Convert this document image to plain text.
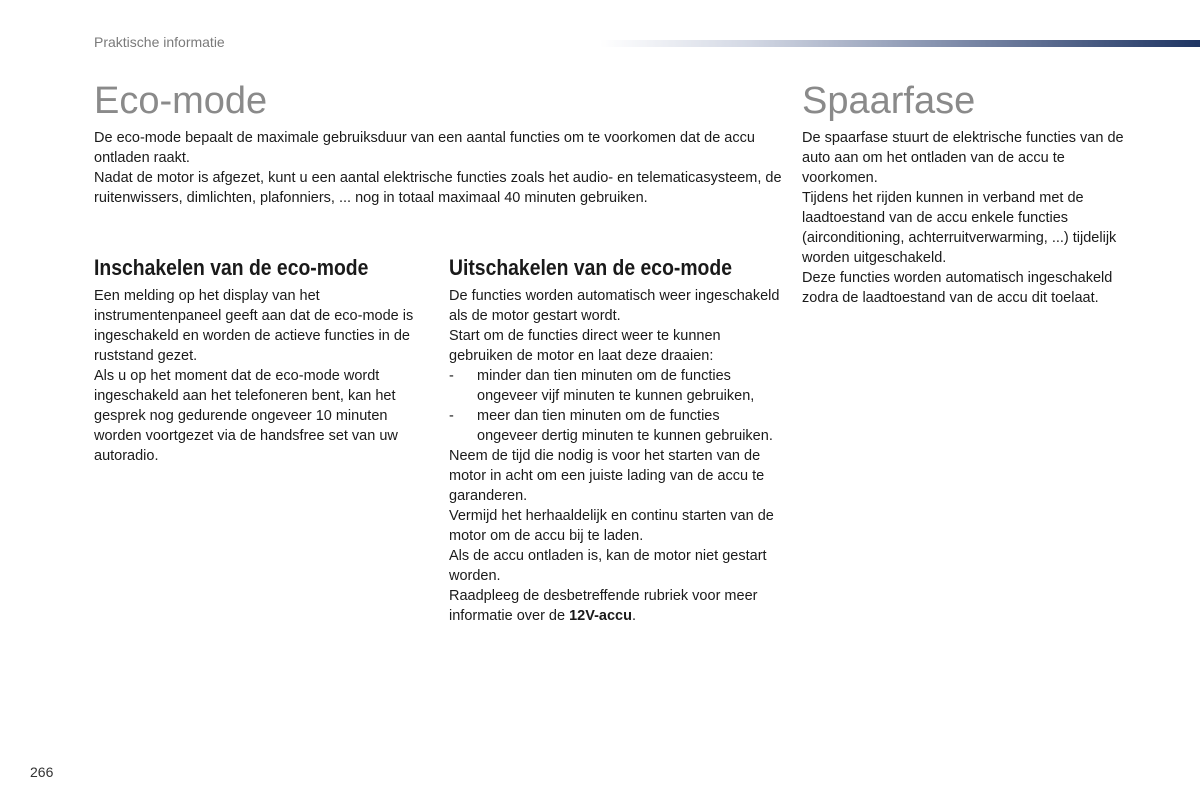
Praktische informatie
Eco-mode

De eco-mode bepaalt de maximale gebruiksduur van een aantal functies om te voorkomen dat de accu ontladen raakt.

Nadat de motor is afgezet, kunt u een aantal elektrische functies zoals het audio- en telematicasysteem, de ruitenwissers, dimlichten, plafonniers, ... nog in totaal maximaal 40 minuten gebruiken.

Inschakelen van de eco-mode

Een melding op het display van het instrumentenpaneel geeft aan dat de eco-mode is ingeschakeld en worden de actieve functies in de ruststand gezet.

Als u op het moment dat de eco-mode wordt ingeschakeld aan het telefoneren bent, kan het gesprek nog gedurende ongeveer 10 minuten worden voortgezet via de handsfree set van uw autoradio.

Uitschakelen van de eco-mode

De functies worden automatisch weer ingeschakeld als de motor gestart wordt.

Start om de functies direct weer te kunnen gebruiken de motor en laat deze draaien:

-	minder dan tien minuten om de functies ongeveer vijf minuten te kunnen gebruiken,
-	meer dan tien minuten om de functies ongeveer dertig minuten te kunnen gebruiken.

Neem de tijd die nodig is voor het starten van de motor in acht om een juiste lading van de accu te garanderen.

Vermijd het herhaaldelijk en continu starten van de motor om de accu bij te laden.

Als de accu ontladen is, kan de motor niet gestart worden.

Raadpleeg de desbetreffende rubriek voor meer informatie over de 12V-accu.

Spaarfase

De spaarfase stuurt de elektrische functies van de auto aan om het ontladen van de accu te voorkomen.

Tijdens het rijden kunnen in verband met de laadtoestand van de accu enkele functies (airconditioning, achterruitverwarming, ...) tijdelijk worden uitgeschakeld.

Deze functies worden automatisch ingeschakeld zodra de laadtoestand van de accu dit toelaat.

266
